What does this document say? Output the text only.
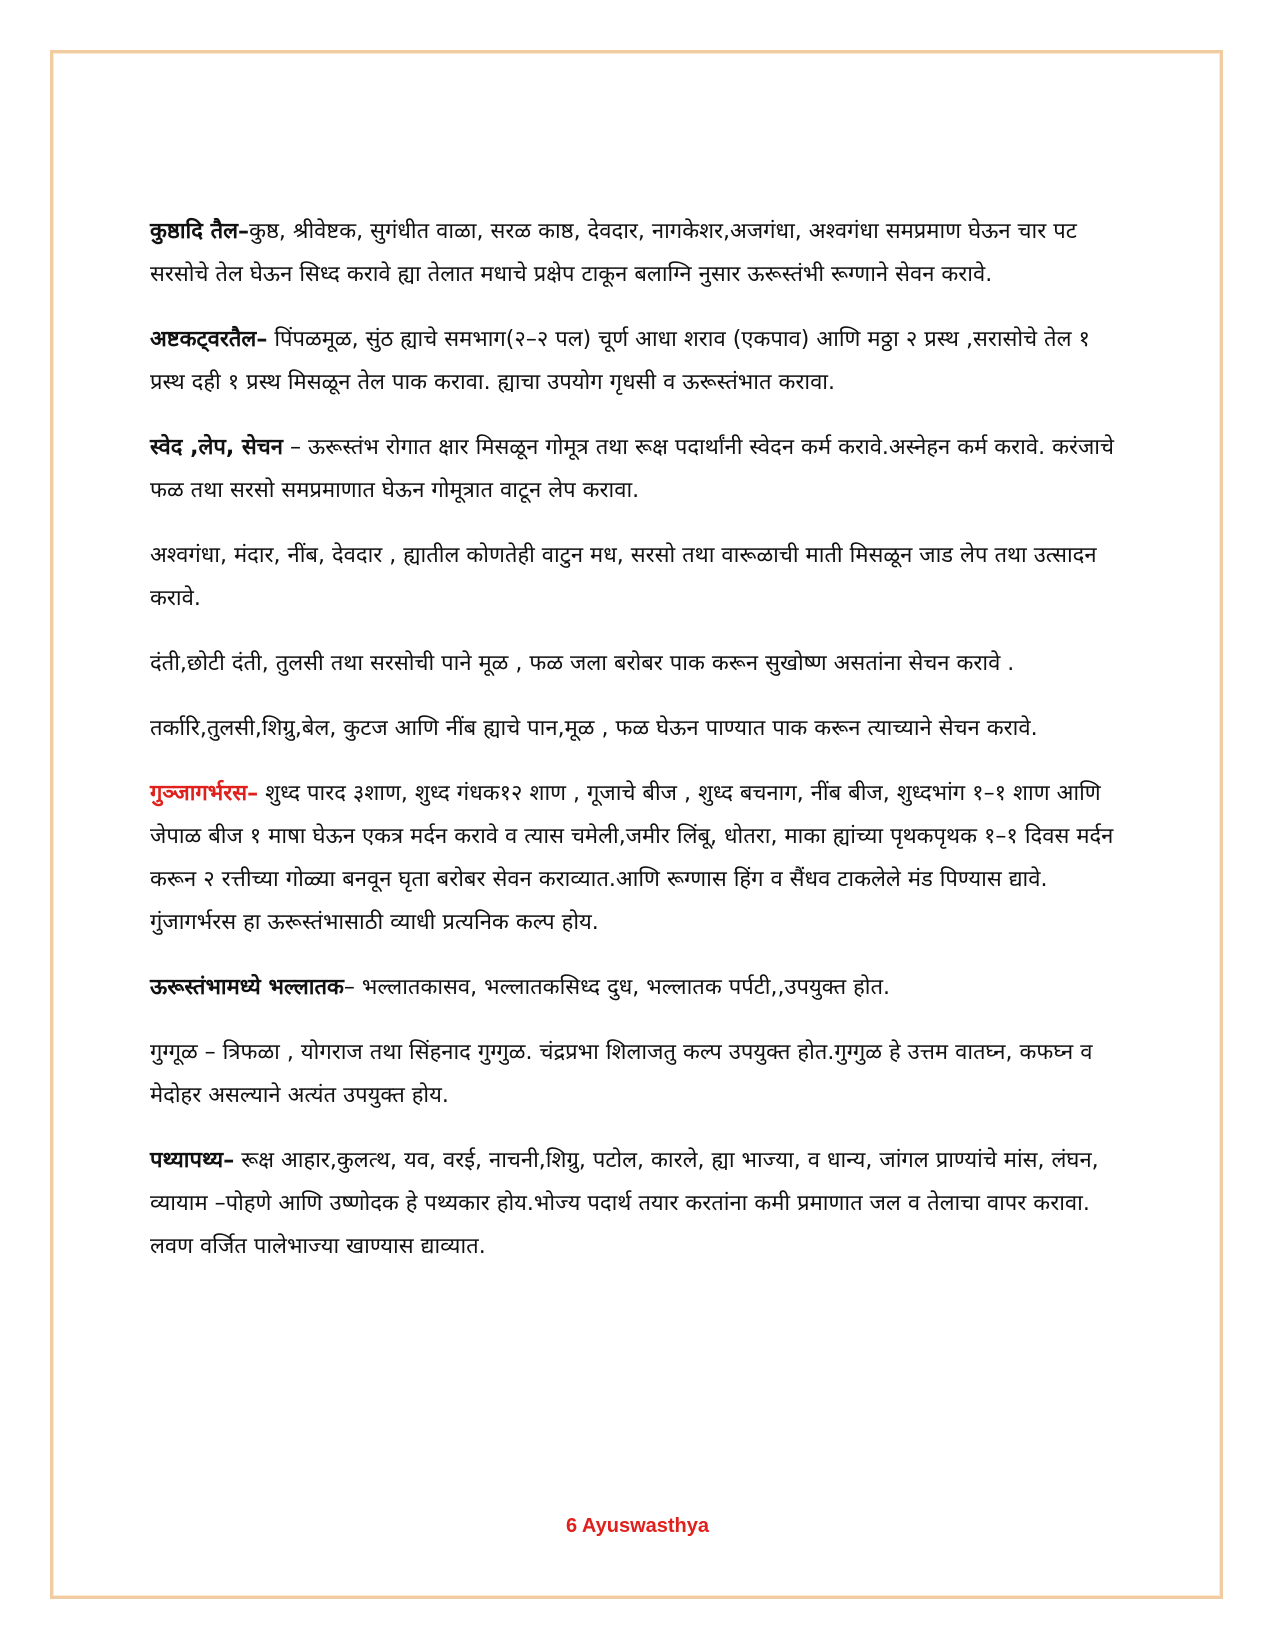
कुष्ठादि तैल–कुष्ठ, श्रीवेष्टक, सुगंधीत वाळा, सरळ काष्ठ, देवदार, नागकेशर,अजगंधा, अश्वगंधा समप्रमाण घेऊन चार पट सरसोचे तेल घेऊन सिध्द करावे ह्या तेलात मधाचे प्रक्षेप टाकून बलाग्नि नुसार ऊरूस्तंभी रूग्णाने सेवन करावे.

अष्टकट्वरतैल– पिंपळमूळ, सुंठ ह्याचे समभाग(२–२ पल) चूर्ण आधा शराव (एकपाव) आणि मठ्ठा २ प्रस्थ ,सरासोचे तेल १ प्रस्थ दही १ प्रस्थ मिसळून तेल पाक करावा. ह्याचा उपयोग गृधसी व ऊरूस्तंभात करावा.

स्वेद ,लेप, सेचन – ऊरूस्तंभ रोगात क्षार मिसळून गोमूत्र तथा रूक्ष पदार्थांनी स्वेदन कर्म करावे.अस्नेहन कर्म करावे. करंजाचे फळ तथा सरसो समप्रमाणात घेऊन गोमूत्रात वाटून लेप करावा.

अश्वगंधा, मंदार, नींब, देवदार , ह्यातील कोणतेही वाटुन मध, सरसो तथा वारूळाची माती मिसळून जाड लेप तथा उत्सादन करावे.

दंती,छोटी दंती, तुलसी तथा सरसोची पाने मूळ , फळ जला बरोबर पाक करून सुखोष्ण असतांना सेचन करावे .

तर्कारि,तुलसी,शिग्रु,बेल, कुटज आणि नींब ह्याचे पान,मूळ , फळ घेऊन पाण्यात पाक करून त्याच्याने सेचन करावे.

गुञ्जागर्भरस– शुध्द पारद ३शाण, शुध्द गंधक१२ शाण , गूजाचे बीज , शुध्द बचनाग, नींब बीज, शुध्दभांग १–१ शाण आणि जेपाळ बीज १ माषा घेऊन एकत्र मर्दन करावे व त्यास चमेली,जमीर लिंबू, धोतरा, माका ह्यांच्या पृथकपृथक १–१ दिवस मर्दन करून २ रत्तीच्या गोळ्या बनवून घृता बरोबर सेवन कराव्यात.आणि रूग्णास हिंग व सैंधव टाकलेले मंड पिण्यास द्यावे.

गुंजागर्भरस हा ऊरूस्तंभासाठी व्याधी प्रत्यनिक कल्प होय.

ऊरूस्तंभामध्ये भल्लातक– भल्लातकासव, भल्लातकसिध्द दुध, भल्लातक पर्पटी,,उपयुक्त होत.

गुग्गूळ – त्रिफळा , योगराज तथा सिंहनाद गुग्गुळ. चंद्रप्रभा शिलाजतु कल्प उपयुक्त होत.गुग्गुळ हे उत्तम वातघ्न, कफघ्न व मेदोहर असल्याने अत्यंत उपयुक्त होय.

पथ्यापथ्य– रूक्ष आहार,कुलत्थ, यव, वरई, नाचनी,शिग्रु, पटोल, कारले, ह्या भाज्या, व धान्य, जांगल प्राण्यांचे मांस, लंघन, व्यायाम –पोहणे आणि उष्णोदक हे पथ्यकार होय.भोज्य पदार्थ तयार करतांना कमी प्रमाणात जल व तेलाचा वापर करावा. लवण वर्जित पालेभाज्या खाण्यास द्याव्यात.

6 Ayuswasthya
